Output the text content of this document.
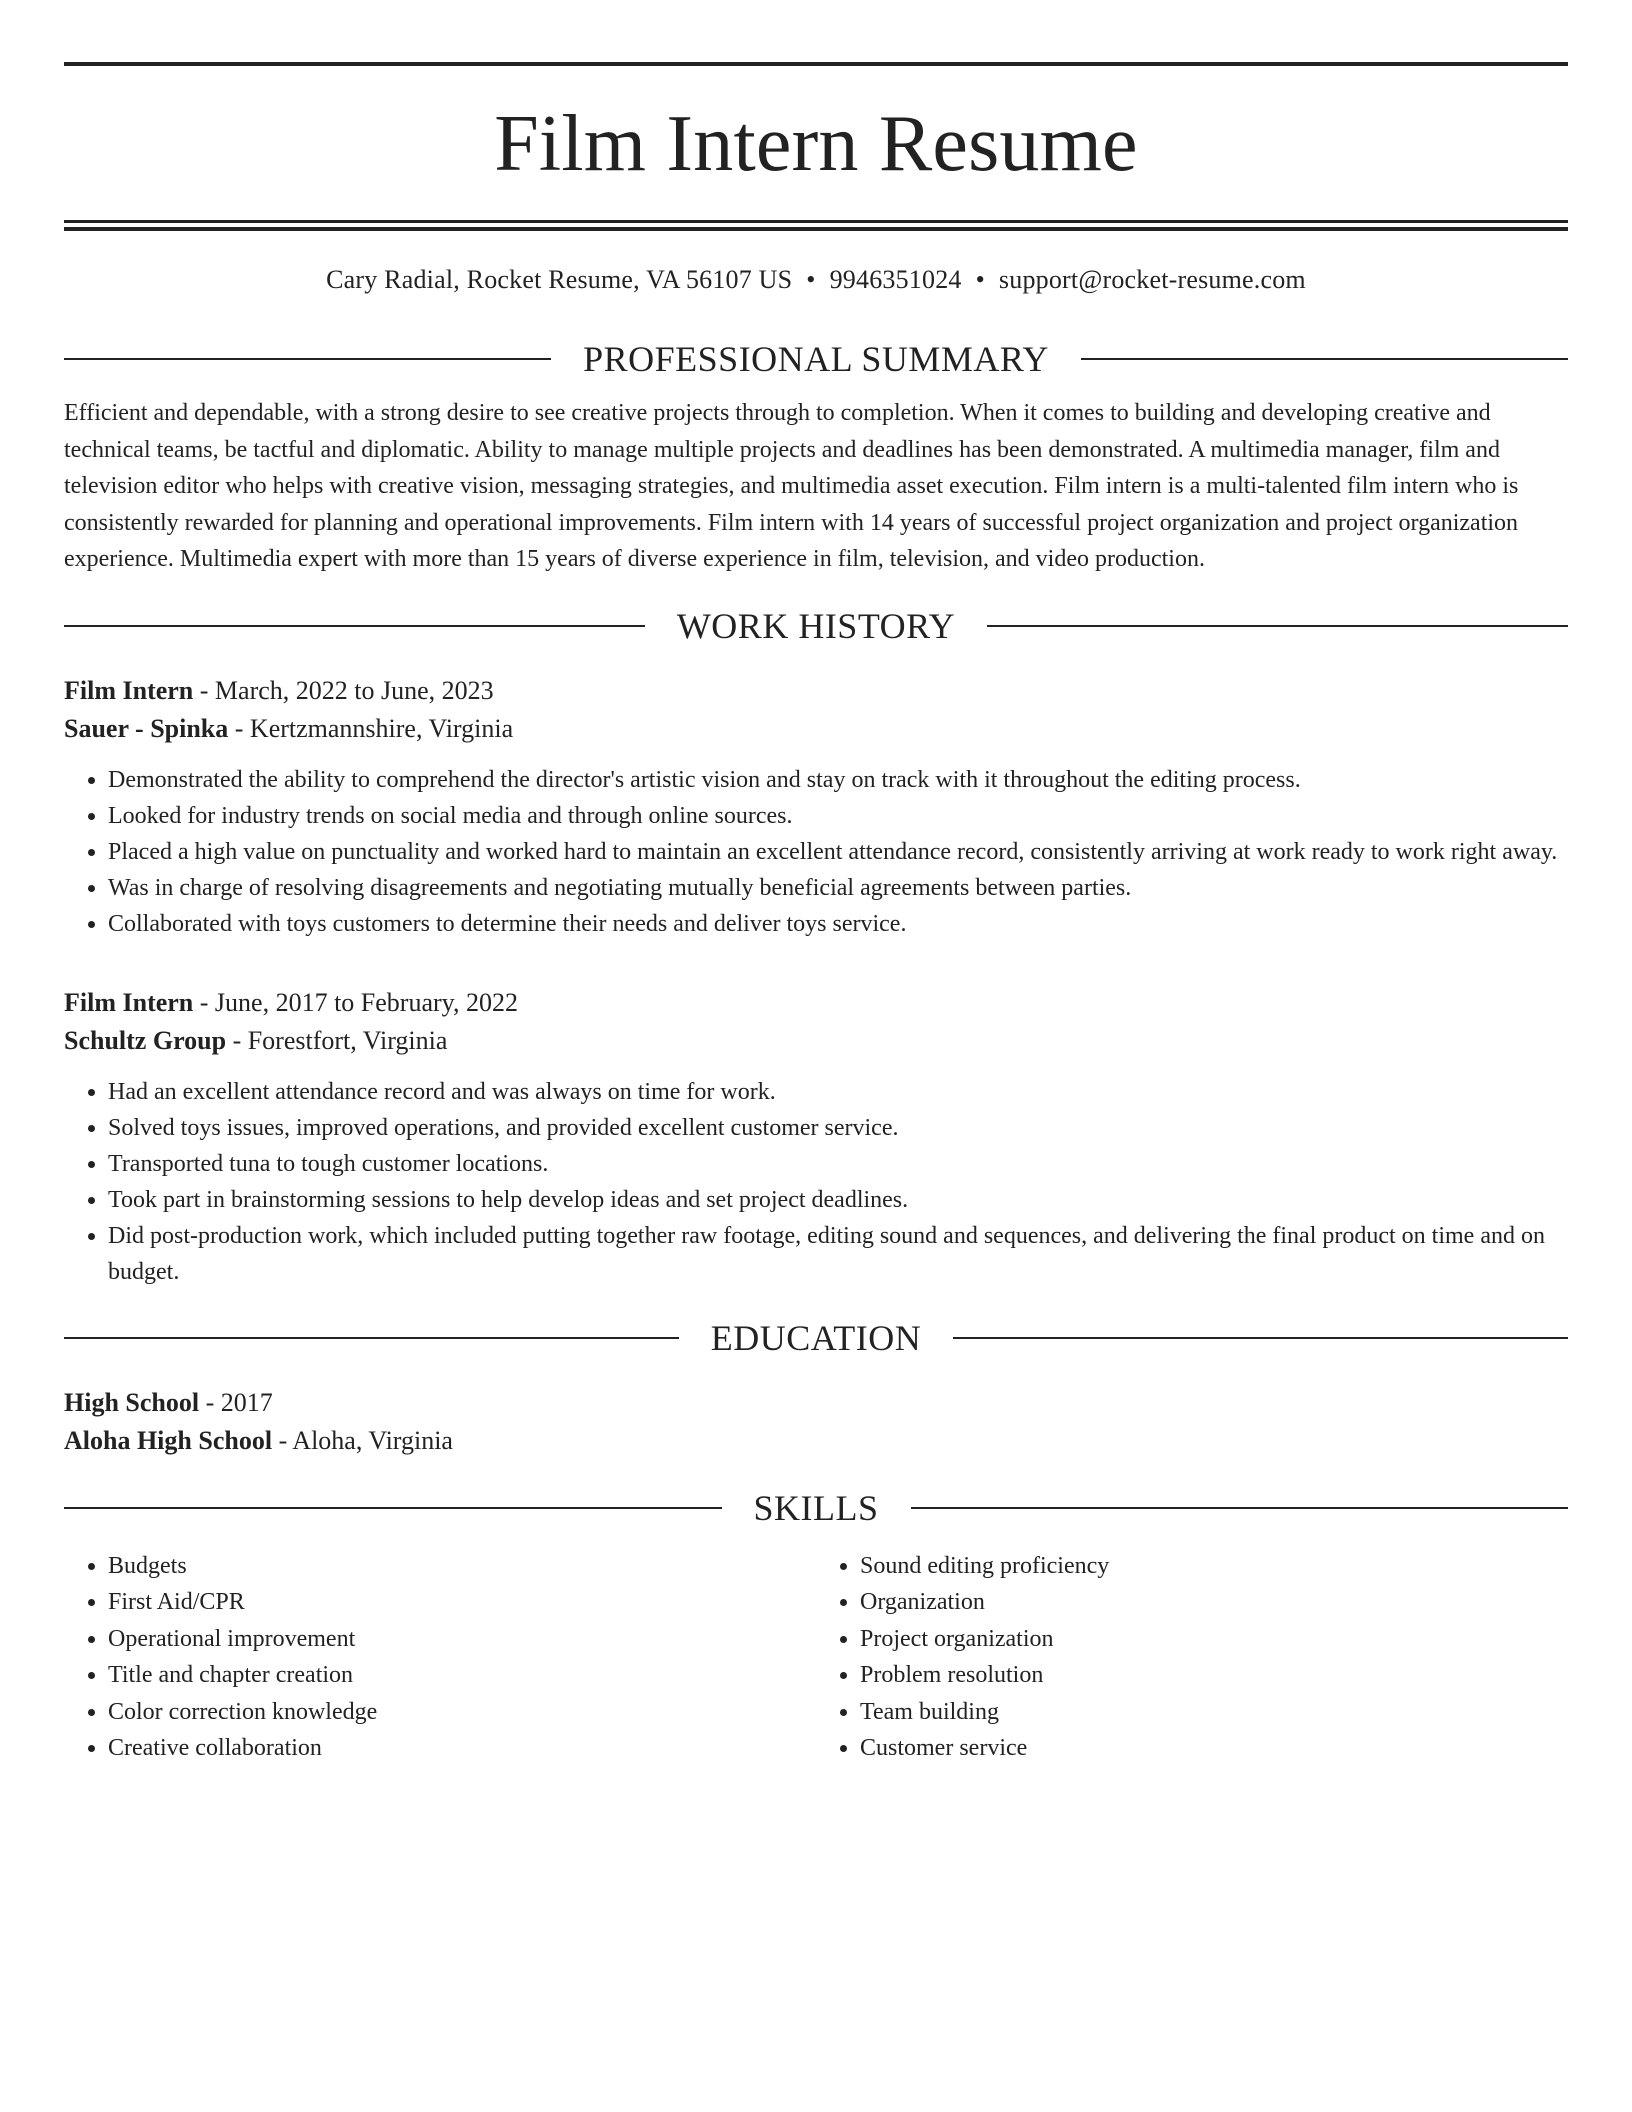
Film Intern Resume
Cary Radial, Rocket Resume, VA 56107 US • 9946351024 • support@rocket-resume.com
PROFESSIONAL SUMMARY
Efficient and dependable, with a strong desire to see creative projects through to completion. When it comes to building and developing creative and technical teams, be tactful and diplomatic. Ability to manage multiple projects and deadlines has been demonstrated. A multimedia manager, film and television editor who helps with creative vision, messaging strategies, and multimedia asset execution. Film intern is a multi-talented film intern who is consistently rewarded for planning and operational improvements. Film intern with 14 years of successful project organization and project organization experience. Multimedia expert with more than 15 years of diverse experience in film, television, and video production.
WORK HISTORY
Film Intern - March, 2022 to June, 2023
Sauer - Spinka - Kertzmannshire, Virginia
• Demonstrated the ability to comprehend the director's artistic vision and stay on track with it throughout the editing process.
• Looked for industry trends on social media and through online sources.
• Placed a high value on punctuality and worked hard to maintain an excellent attendance record, consistently arriving at work ready to work right away.
• Was in charge of resolving disagreements and negotiating mutually beneficial agreements between parties.
• Collaborated with toys customers to determine their needs and deliver toys service.
Film Intern - June, 2017 to February, 2022
Schultz Group - Forestfort, Virginia
• Had an excellent attendance record and was always on time for work.
• Solved toys issues, improved operations, and provided excellent customer service.
• Transported tuna to tough customer locations.
• Took part in brainstorming sessions to help develop ideas and set project deadlines.
• Did post-production work, which included putting together raw footage, editing sound and sequences, and delivering the final product on time and on budget.
EDUCATION
High School - 2017
Aloha High School - Aloha, Virginia
SKILLS
• Budgets
• First Aid/CPR
• Operational improvement
• Title and chapter creation
• Color correction knowledge
• Creative collaboration
• Sound editing proficiency
• Organization
• Project organization
• Problem resolution
• Team building
• Customer service
